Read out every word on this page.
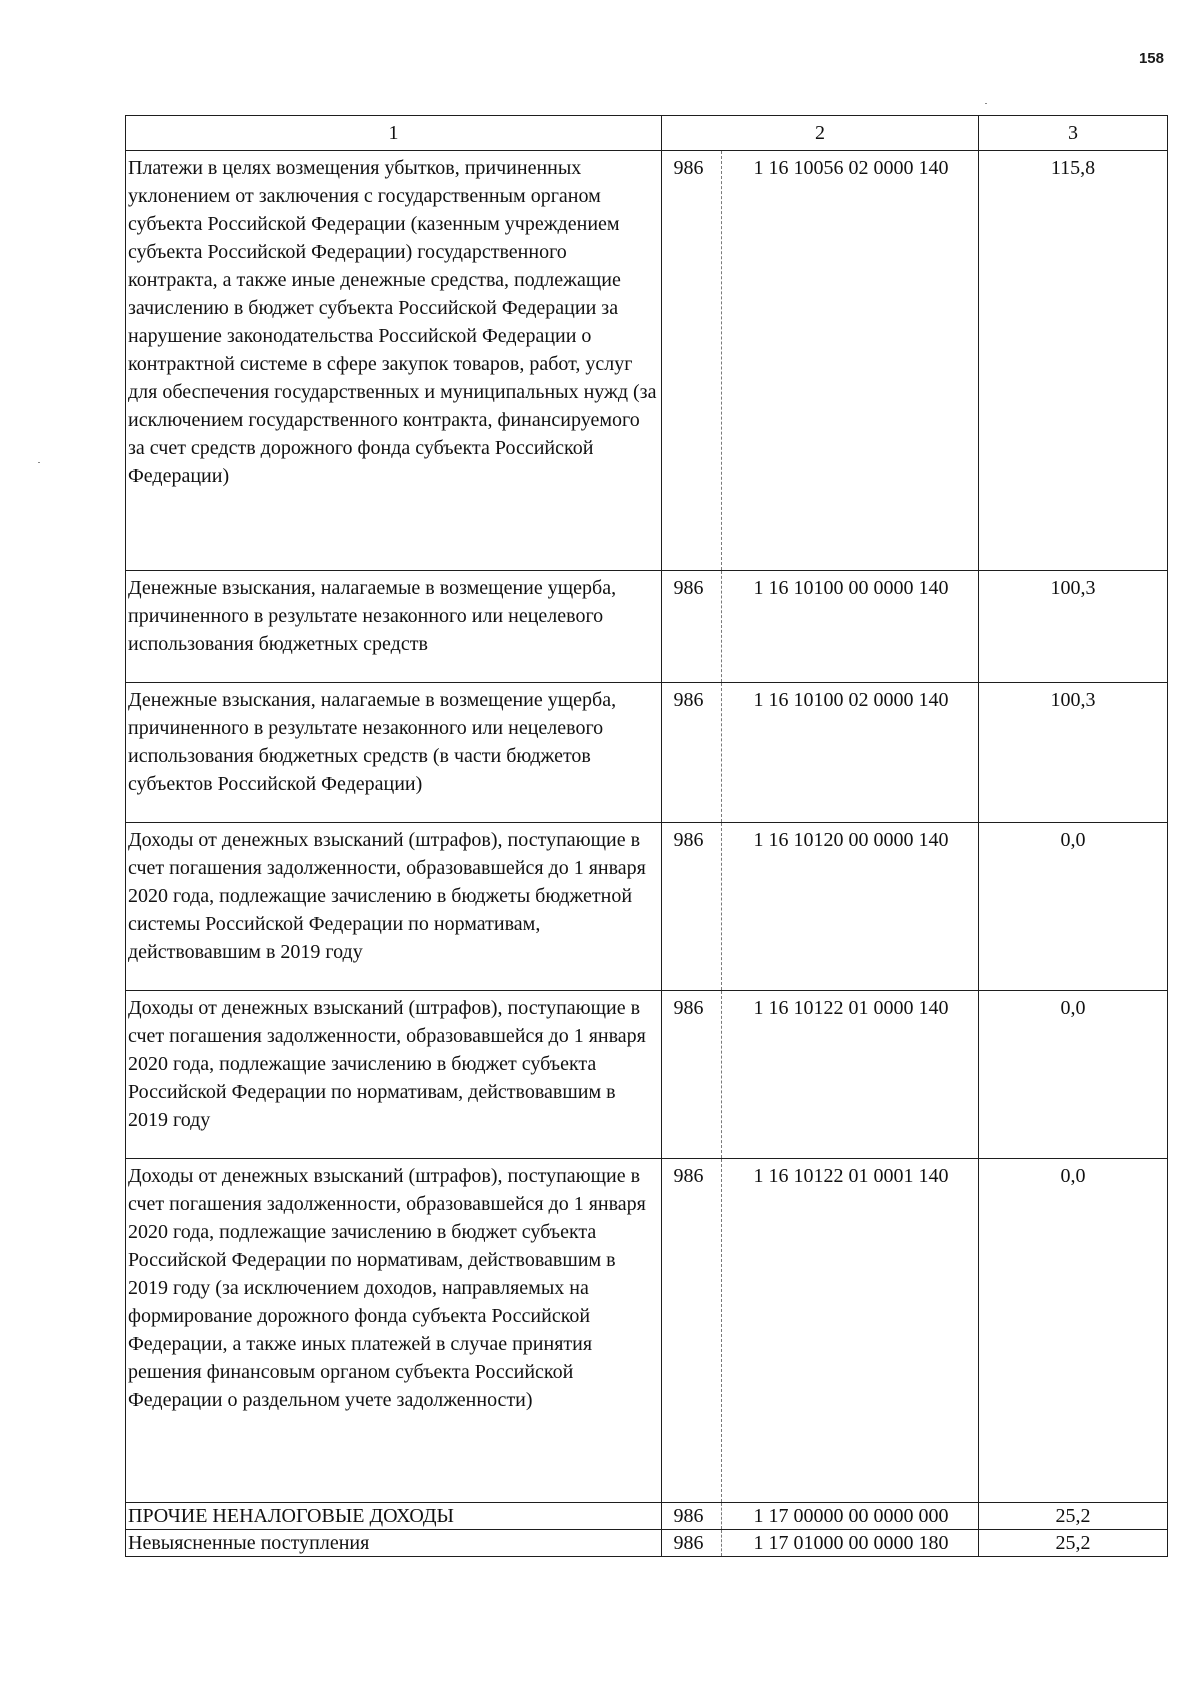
158
1	2		3
Платежи в целях возмещения убытков, причиненных уклонением от заключения с государственным органом субъекта Российской Федерации (казенным учреждением субъекта Российской Федерации) государственного контракта, а также иные денежные средства, подлежащие зачислению в бюджет субъекта Российской Федерации за нарушение законодательства Российской Федерации о контрактной системе в сфере закупок товаров, работ, услуг для обеспечения государственных и муниципальных нужд (за исключением государственного контракта, финансируемого за счет средств дорожного фонда субъекта Российской Федерации)	986	1 16 10056 02 0000 140	115,8
Денежные взыскания, налагаемые в возмещение ущерба, причиненного в результате незаконного или нецелевого использования бюджетных средств	986	1 16 10100 00 0000 140	100,3
Денежные взыскания, налагаемые в возмещение ущерба, причиненного в результате незаконного или нецелевого использования бюджетных средств (в части бюджетов субъектов Российской Федерации)	986	1 16 10100 02 0000 140	100,3
Доходы от денежных взысканий (штрафов), поступающие в счет погашения задолженности, образовавшейся до 1 января 2020 года, подлежащие зачислению в бюджеты бюджетной системы Российской Федерации по нормативам, действовавшим в 2019 году	986	1 16 10120 00 0000 140	0,0
Доходы от денежных взысканий (штрафов), поступающие в счет погашения задолженности, образовавшейся до 1 января 2020 года, подлежащие зачислению в бюджет субъекта Российской Федерации по нормативам, действовавшим в 2019 году	986	1 16 10122 01 0000 140	0,0
Доходы от денежных взысканий (штрафов), поступающие в счет погашения задолженности, образовавшейся до 1 января 2020 года, подлежащие зачислению в бюджет субъекта Российской Федерации по нормативам, действовавшим в 2019 году (за исключением доходов, направляемых на формирование дорожного фонда субъекта Российской Федерации, а также иных платежей в случае принятия решения финансовым органом субъекта Российской Федерации о раздельном учете задолженности)	986	1 16 10122 01 0001 140	0,0
ПРОЧИЕ НЕНАЛОГОВЫЕ ДОХОДЫ	986	1 17 00000 00 0000 000	25,2
Невыясненные поступления	986	1 17 01000 00 0000 180	25,2
